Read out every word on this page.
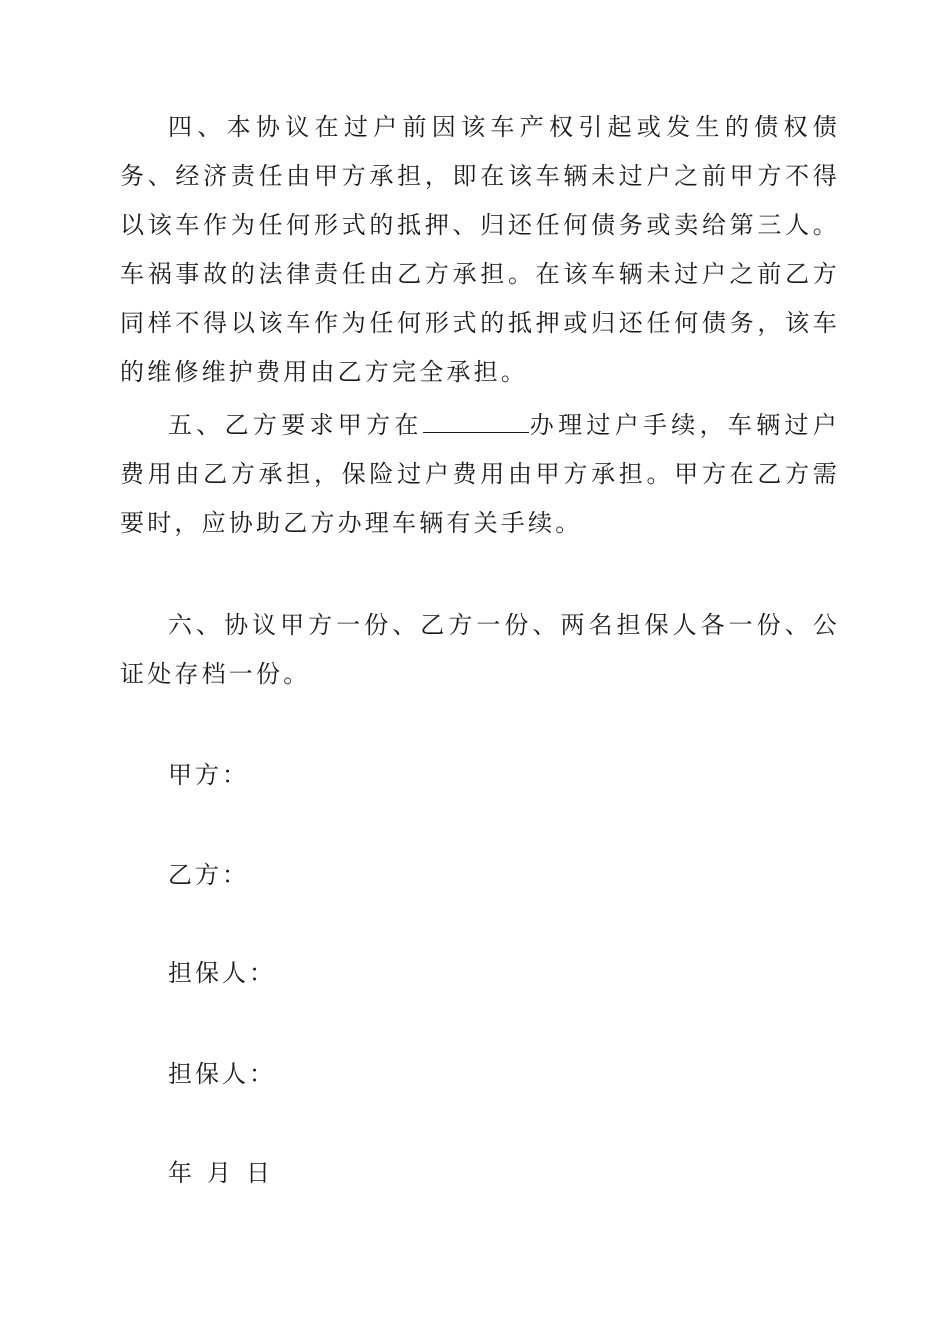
四、本协议在过户前因该车产权引起或发生的债权债务、经济责任由甲方承担，即在该车辆未过户之前甲方不得以该车作为任何形式的抵押、归还任何债务或卖给第三人。车祸事故的法律责任由乙方承担。在该车辆未过户之前乙方同样不得以该车作为任何形式的抵押或归还任何债务，该车的维修维护费用由乙方完全承担。

五、乙方要求甲方在	办理过户手续，车辆过户费用由乙方承担，保险过户费用由甲方承担。甲方在乙方需要时，应协助乙方办理车辆有关手续。

六、协议甲方一份、乙方一份、两名担保人各一份、公证处存档一份。

甲方：

乙方：

担保人：

担保人：

年 月 日
